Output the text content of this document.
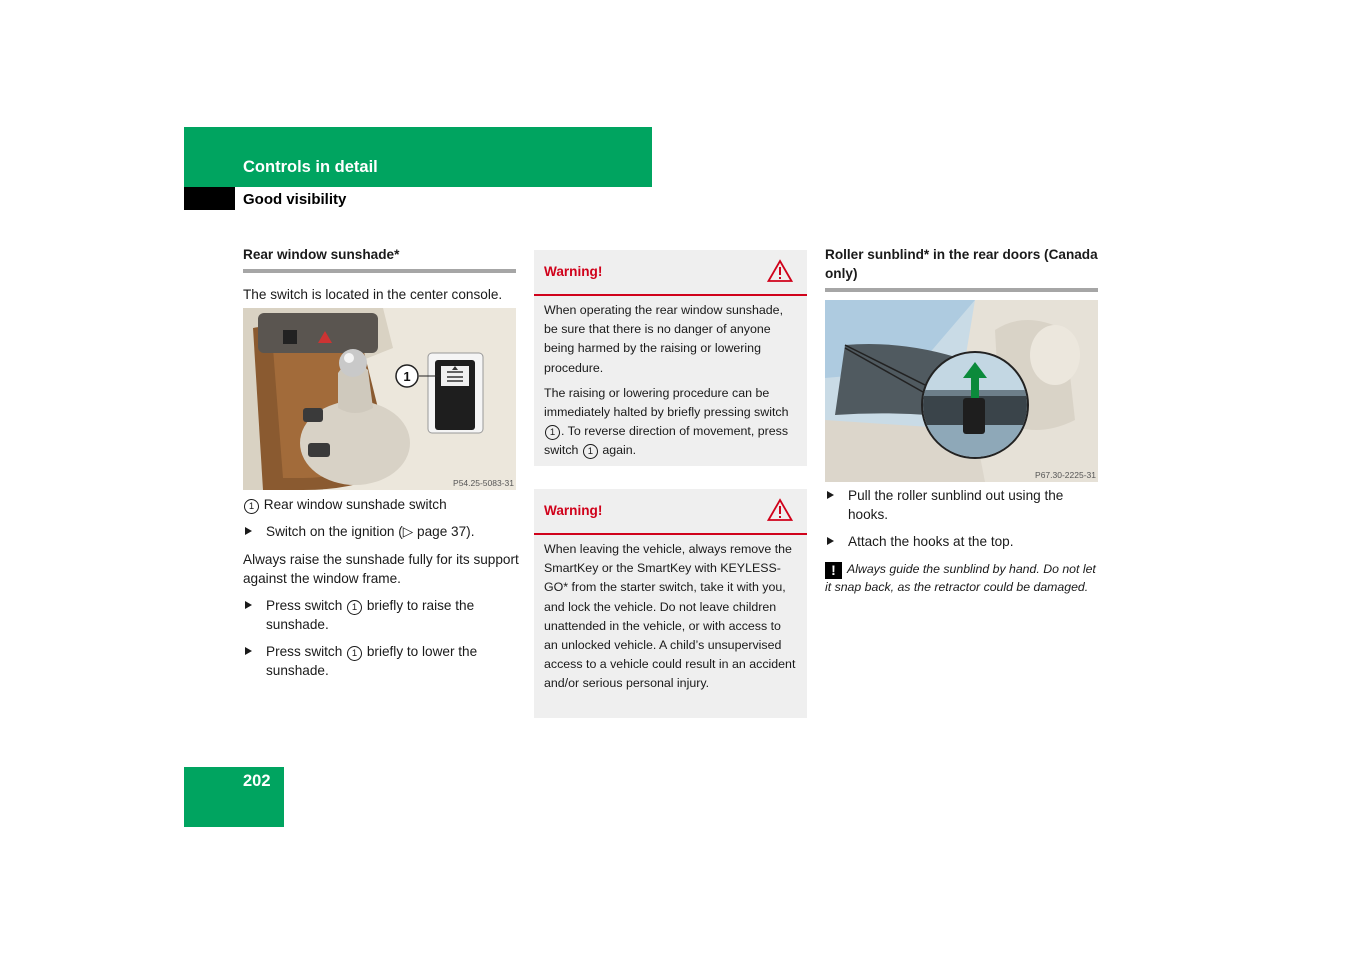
Controls in detail
Good visibility
Rear window sunshade*

The switch is located in the center console.

1
P54.25-5083-31

1 Rear window sunshade switch

Switch on the ignition (▷ page 37).

Always raise the sunshade fully for its support against the window frame.

Press switch 1 briefly to raise the sunshade.
Press switch 1 briefly to lower the sunshade.
Warning!

When operating the rear window sunshade, be sure that there is no danger of anyone being harmed by the raising or lowering procedure.

The raising or lowering procedure can be immediately halted by briefly pressing switch 1 . To reverse direction of movement, press switch 1 again.

Warning!

When leaving the vehicle, always remove the SmartKey or the SmartKey with KEYLESS-GO* from the starter switch, take it with you, and lock the vehicle. Do not leave children unattended in the vehicle, or with access to an unlocked vehicle. A child’s unsupervised access to a vehicle could result in an accident and/or serious personal injury.

Roller sunblind* in the rear doors (Canada only)
P67.30-2225-31
Pull the roller sunblind out using the hooks.
Attach the hooks at the top.

! Always guide the sunblind by hand. Do not let it snap back, as the retractor could be damaged.

202
